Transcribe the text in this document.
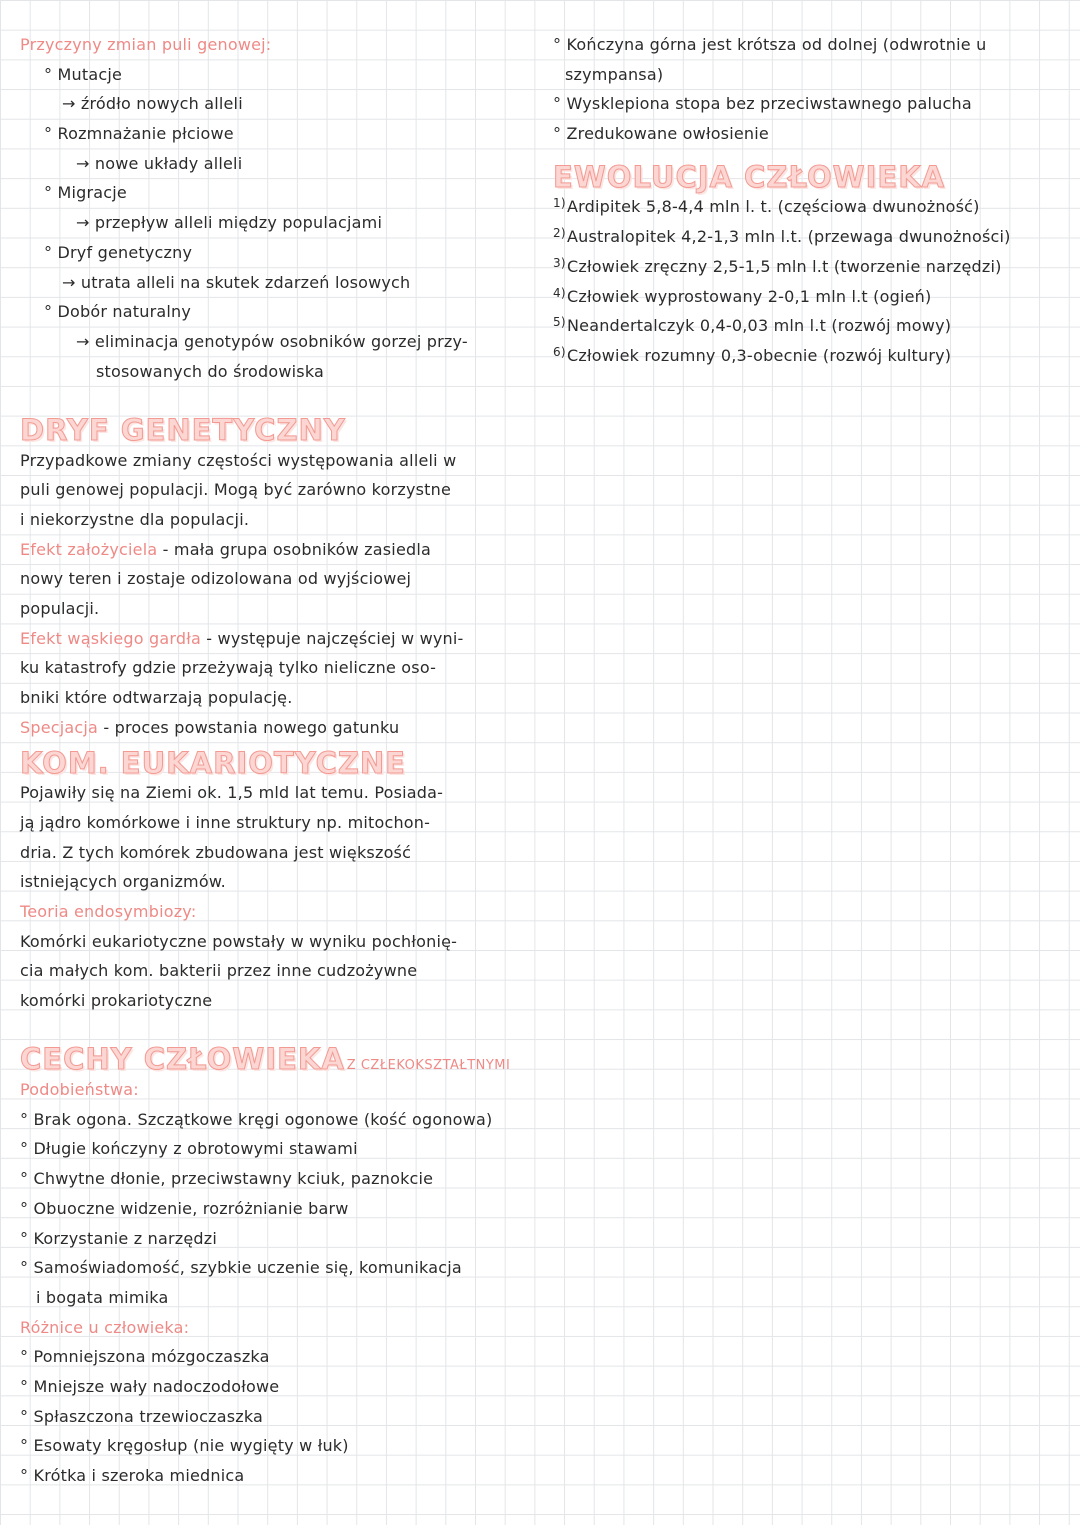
Przyczyny zmian puli genowej:
° Mutacje
→ źródło nowych alleli
° Rozmnażanie płciowe
→ nowe układy alleli
° Migracje
→ przepływ alleli między populacjami
° Dryf genetyczny
→ utrata alleli na skutek zdarzeń losowych
° Dobór naturalny
→ eliminacja genotypów osobników gorzej przy-
stosowanych do środowiska
DRYF GENETYCZNY
Przypadkowe zmiany częstości występowania alleli w
puli genowej populacji. Mogą być zarówno korzystne
i niekorzystne dla populacji.
Efekt założyciela - mała grupa osobników zasiedla
nowy teren i zostaje odizolowana od wyjściowej
populacji.
Efekt wąskiego gardła - występuje najczęściej w wyni-
ku katastrofy gdzie przeżywają tylko nieliczne oso-
bniki które odtwarzają populację.
Specjacja - proces powstania nowego gatunku
KOM. EUKARIOTYCZNE
Pojawiły się na Ziemi ok. 1,5 mld lat temu. Posiada-
ją jądro komórkowe i inne struktury np. mitochon-
dria. Z tych komórek zbudowana jest większość
istniejących organizmów.
Teoria endosymbiozy:
Komórki eukariotyczne powstały w wyniku pochłonię-
cia małych kom. bakterii przez inne cudzożywne
komórki prokariotyczne
CECHY CZŁOWIEKA Z CZŁEKOKSZTAŁTNYMI
Podobieństwa:
° Brak ogona. Szczątkowe kręgi ogonowe (kość ogonowa)
° Długie kończyny z obrotowymi stawami
° Chwytne dłonie, przeciwstawny kciuk, paznokcie
° Obuoczne widzenie, rozróżnianie barw
° Korzystanie z narzędzi
° Samoświadomość, szybkie uczenie się, komunikacja
i bogata mimika
Różnice u człowieka:
° Pomniejszona mózgoczaszka
° Mniejsze wały nadoczodołowe
° Spłaszczona trzewioczaszka
° Esowaty kręgosłup (nie wygięty w łuk)
° Krótka i szeroka miednica
° Kończyna górna jest krótsza od dolnej (odwrotnie u
szympansa)
° Wysklepiona stopa bez przeciwstawnego palucha
° Zredukowane owłosienie
EWOLUCJA CZŁOWIEKA
1)Ardipitek 5,8-4,4 mln l. t. (częściowa dwunożność)
2)Australopitek 4,2-1,3 mln l.t. (przewaga dwunożności)
3)Człowiek zręczny 2,5-1,5 mln l.t (tworzenie narzędzi)
4)Człowiek wyprostowany 2-0,1 mln l.t (ogień)
5)Neandertalczyk 0,4-0,03 mln l.t (rozwój mowy)
6)Człowiek rozumny 0,3-obecnie (rozwój kultury)
